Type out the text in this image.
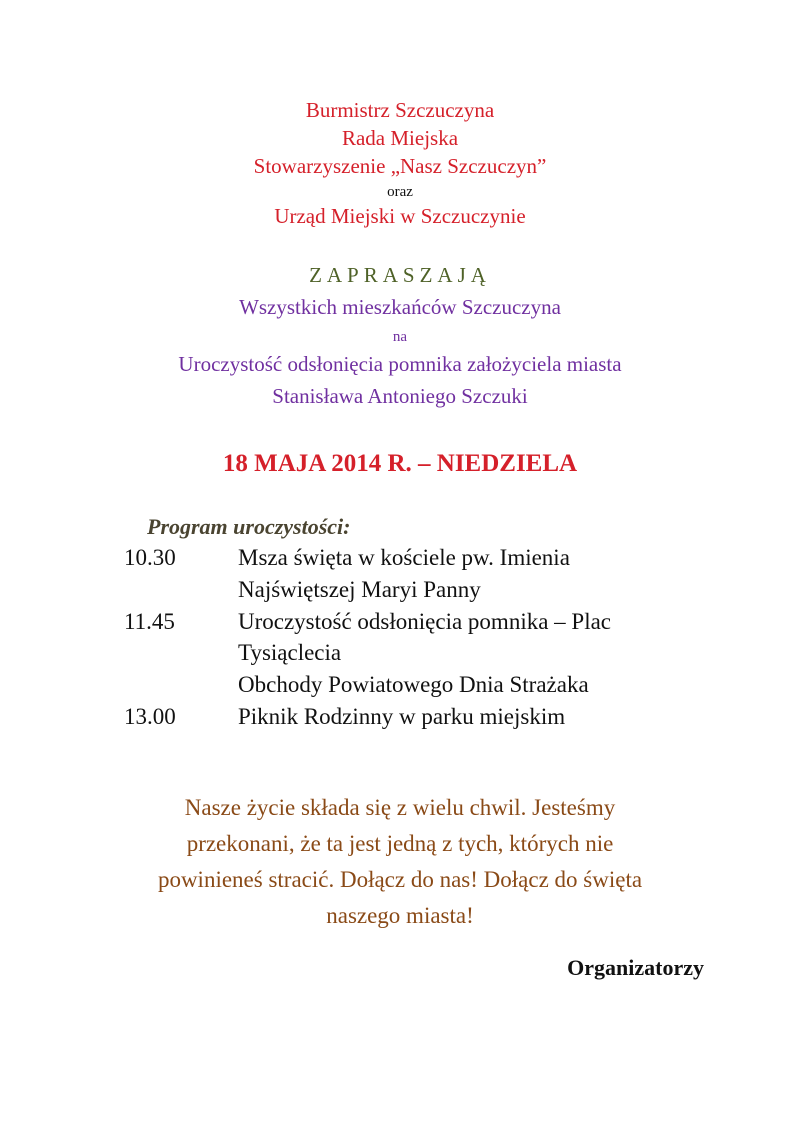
Burmistrz Szczuczyna
Rada Miejska
Stowarzyszenie „Nasz Szczuczyn”
oraz
Urząd Miejski w Szczuczynie
ZAPRASZAJĄ
Wszystkich mieszkańców Szczuczyna
na
Uroczystość odsłonięcia pomnika założyciela miasta
Stanisława Antoniego Szczuki
18 MAJA 2014 R. – NIEDZIELA
Program uroczystości:
10.30	Msza święta w kościele pw. Imienia
Najświętszej Maryi Panny
11.45	Uroczystość odsłonięcia pomnika – Plac
Tysiąclecia
Obchody Powiatowego Dnia Strażaka
13.00	Piknik Rodzinny w parku miejskim
Nasze życie składa się z wielu chwil. Jesteśmy
przekonani, że ta jest jedną z tych, których nie
powinieneś stracić. Dołącz do nas! Dołącz do święta
naszego miasta!
Organizatorzy
